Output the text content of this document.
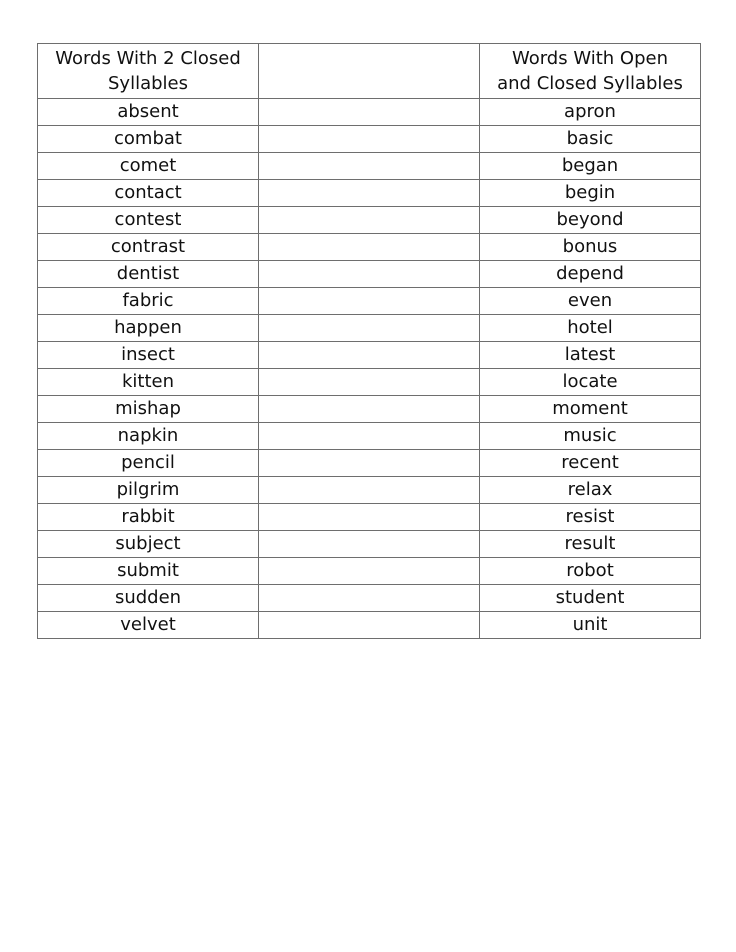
Words With 2 Closed
Syllables		Words With Open
and Closed Syllables

absent		apron
combat		basic
comet		began
contact		begin
contest		beyond
contrast		bonus
dentist		depend
fabric		even
happen		hotel
insect		latest
kitten		locate
mishap		moment
napkin		music
pencil		recent
pilgrim		relax
rabbit		resist
subject		result
submit		robot
sudden		student
velvet		unit
